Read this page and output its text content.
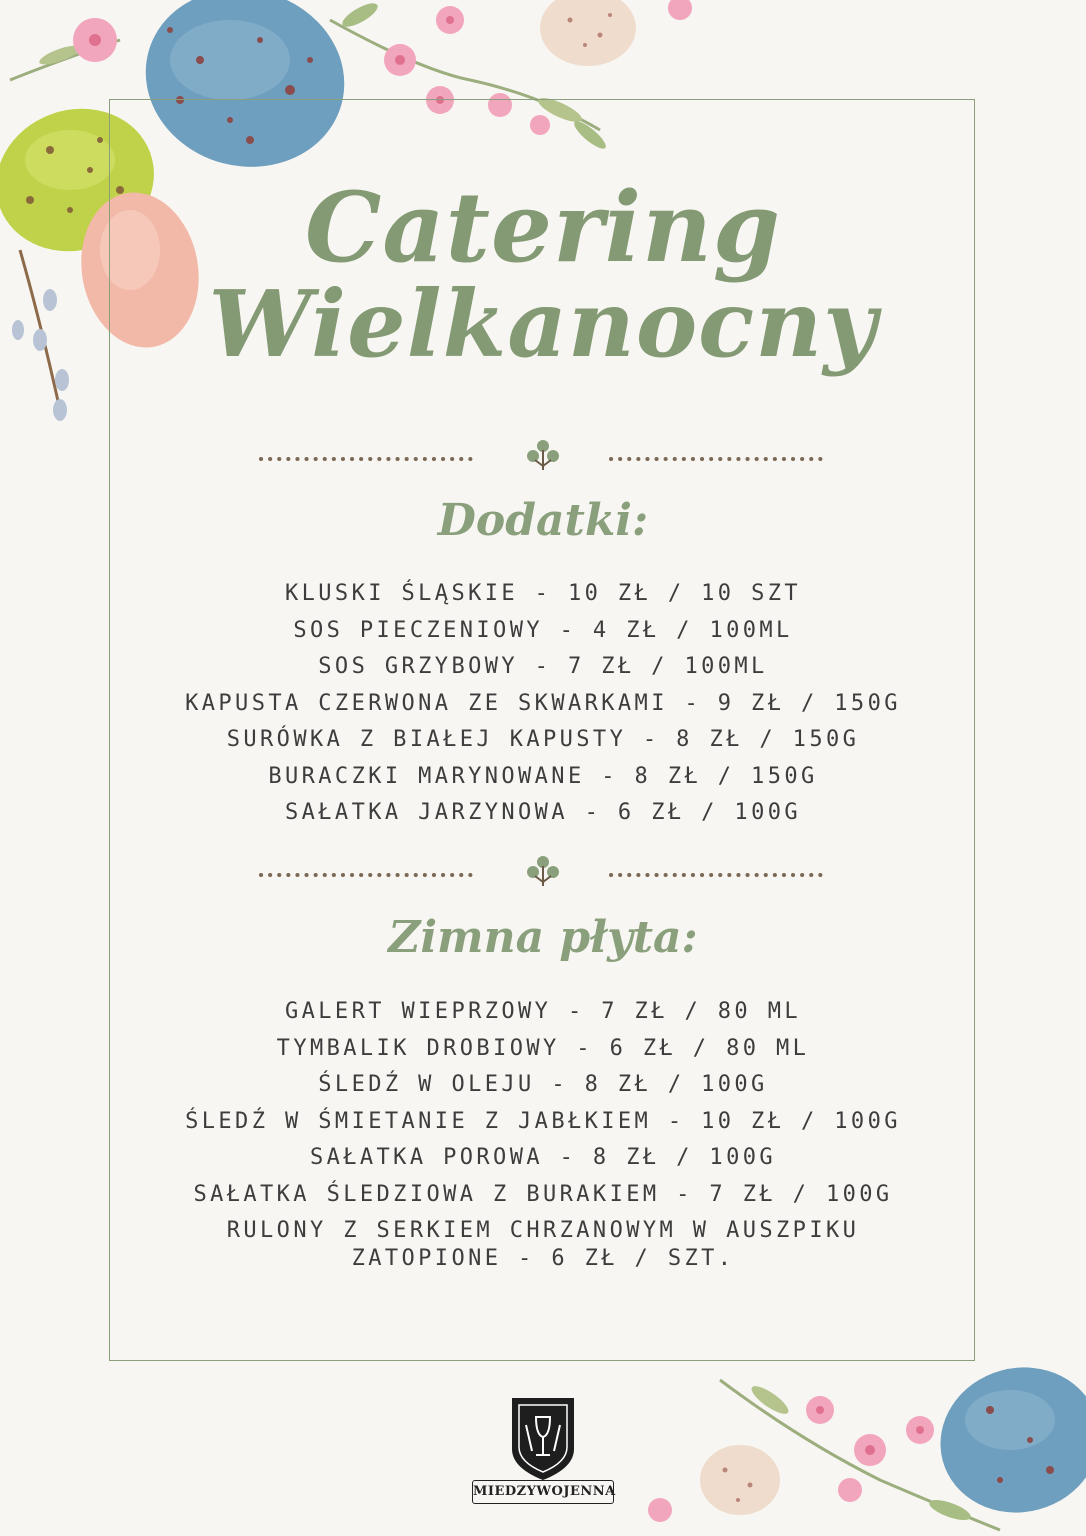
Catering
Wielkanocny
Dodatki:
KLUSKI ŚLĄSKIE - 10 ZŁ / 10 SZT
SOS PIECZENIOWY - 4 ZŁ / 100ML
SOS GRZYBOWY - 7 ZŁ / 100ML
KAPUSTA CZERWONA ZE SKWARKAMI - 9 ZŁ / 150G
SURÓWKA Z BIAŁEJ KAPUSTY - 8 ZŁ / 150G
BURACZKI MARYNOWANE - 8 ZŁ / 150G
SAŁATKA JARZYNOWA - 6 ZŁ / 100G
Zimna płyta:
GALERT WIEPRZOWY - 7 ZŁ / 80 ML
TYMBALIK DROBIOWY - 6 ZŁ / 80 ML
ŚLEDŹ W OLEJU - 8 ZŁ / 100G
ŚLEDŹ W ŚMIETANIE Z JABŁKIEM - 10 ZŁ / 100G
SAŁATKA POROWA - 8 ZŁ / 100G
SAŁATKA ŚLEDZIOWA Z BURAKIEM - 7 ZŁ / 100G
RULONY Z SERKIEM CHRZANOWYM W AUSZPIKU
ZATOPIONE - 6 ZŁ / SZT.
MIEDZYWOJENNA
